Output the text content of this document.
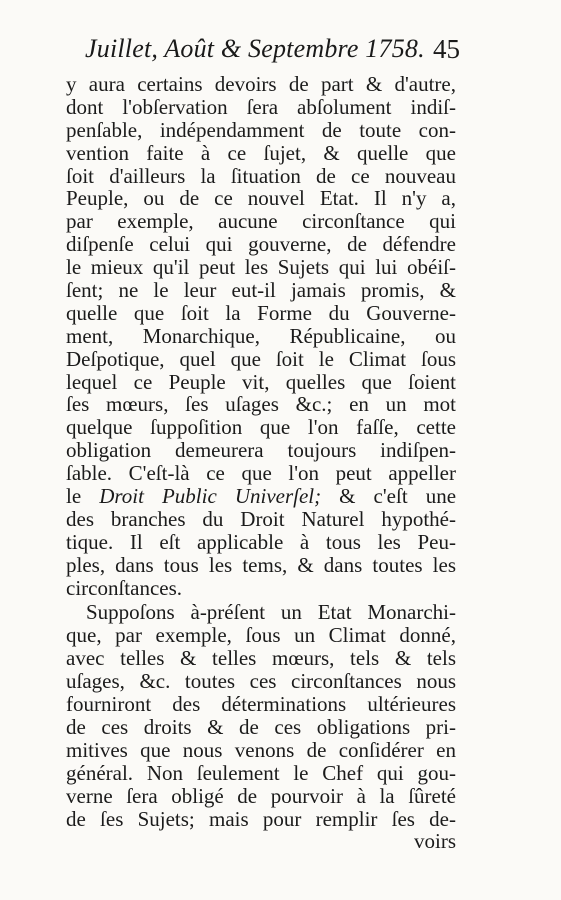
Juillet, Août & Septembre 1758. 45
y aura certains devoirs de part & d'autre,
dont l'obſervation ſera abſolument indiſ-
penſable, indépendamment de toute con-
vention faite à ce ſujet, & quelle que
ſoit d'ailleurs la ſituation de ce nouveau
Peuple, ou de ce nouvel Etat. Il n'y a,
par exemple, aucune circonſtance qui
diſpenſe celui qui gouverne, de défendre
le mieux qu'il peut les Sujets qui lui obéiſ-
ſent; ne le leur eut-il jamais promis, &
quelle que ſoit la Forme du Gouverne-
ment, Monarchique, Républicaine, ou
Deſpotique, quel que ſoit le Climat ſous
lequel ce Peuple vit, quelles que ſoient
ſes mœurs, ſes uſages &c.; en un mot
quelque ſuppoſition que l'on faſſe, cette
obligation demeurera toujours indiſpen-
ſable. C'eſt-là ce que l'on peut appeller
le Droit Public Univerſel; & c'eſt une
des branches du Droit Naturel hypothé-
tique. Il eſt applicable à tous les Peu-
ples, dans tous les tems, & dans toutes les
circonſtances.
Suppoſons à-préſent un Etat Monarchi-
que, par exemple, ſous un Climat donné,
avec telles & telles mœurs, tels & tels
uſages, &c. toutes ces circonſtances nous
fourniront des déterminations ultérieures
de ces droits & de ces obligations pri-
mitives que nous venons de conſidérer en
général. Non ſeulement le Chef qui gou-
verne ſera obligé de pourvoir à la ſûreté
de ſes Sujets; mais pour remplir ſes de-
voirs
